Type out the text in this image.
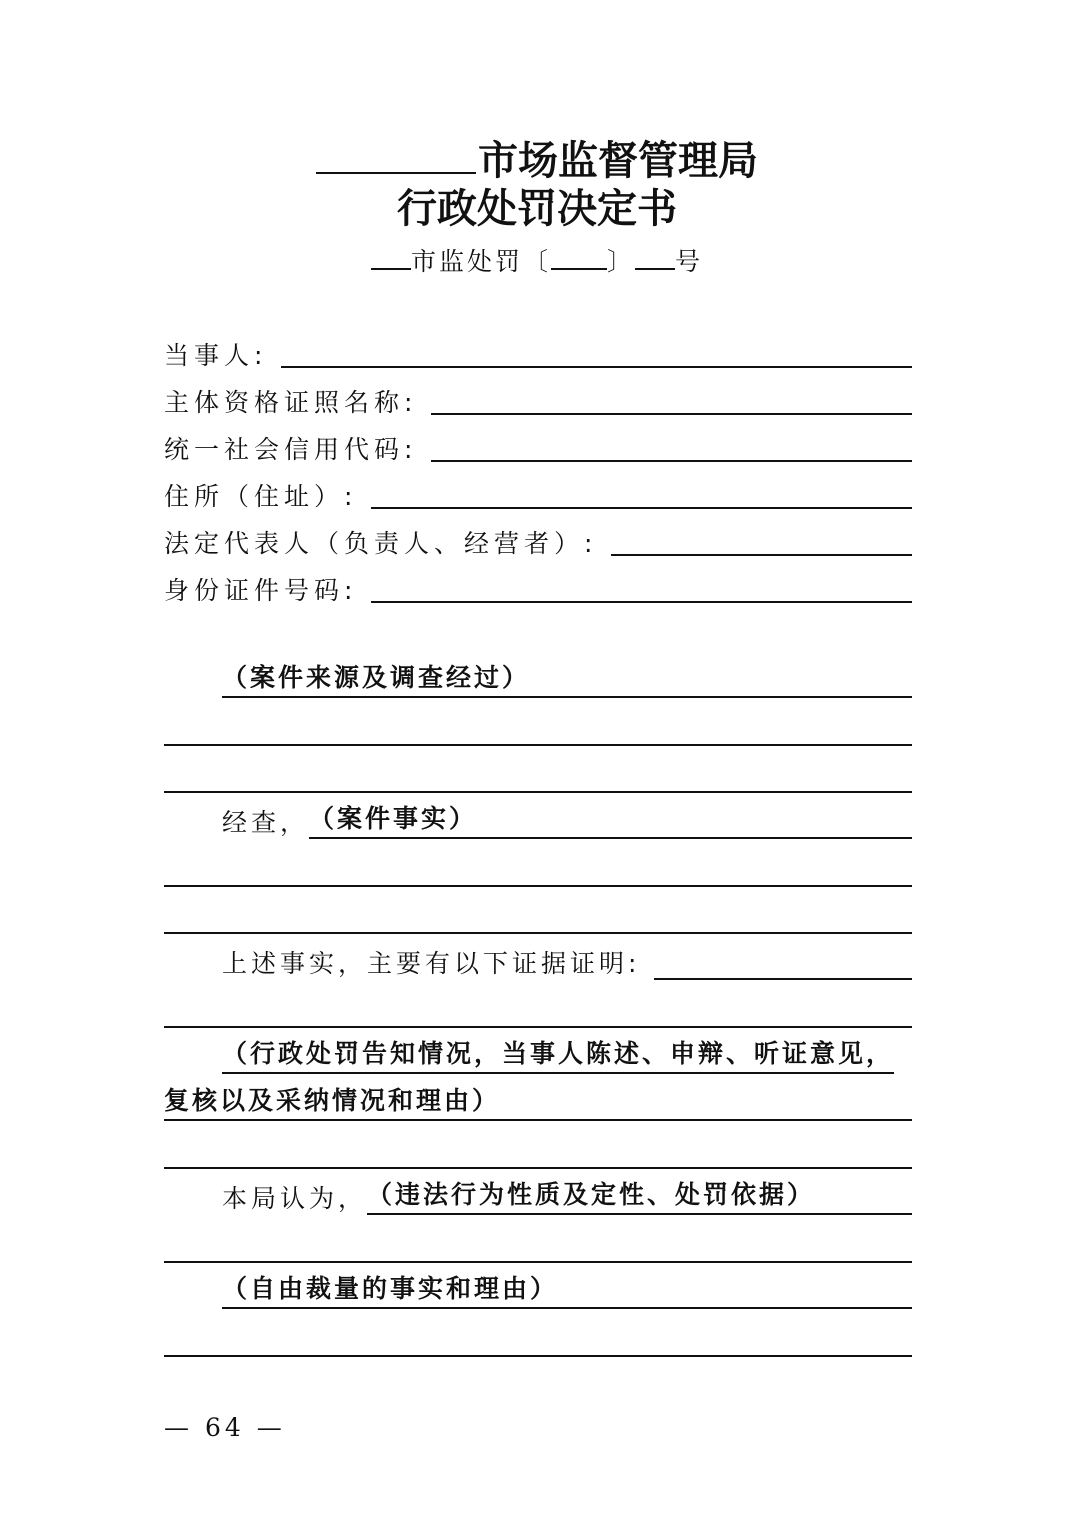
市场监督管理局
行政处罚决定书
市监处罚〔 〕 号
当事人:
主体资格证照名称:
统一社会信用代码:
住所（住址）:
法定代表人（负责人、经营者）:
身份证件号码:
（案件来源及调查经过）
经查， （案件事实）
上述事实，主要有以下证据证明:
（行政处罚告知情况，当事人陈述、申辩、听证意见，
复核以及采纳情况和理由）
本局认为， （违法行为性质及定性、处罚依据）
（自由裁量的事实和理由）
— 64 —
